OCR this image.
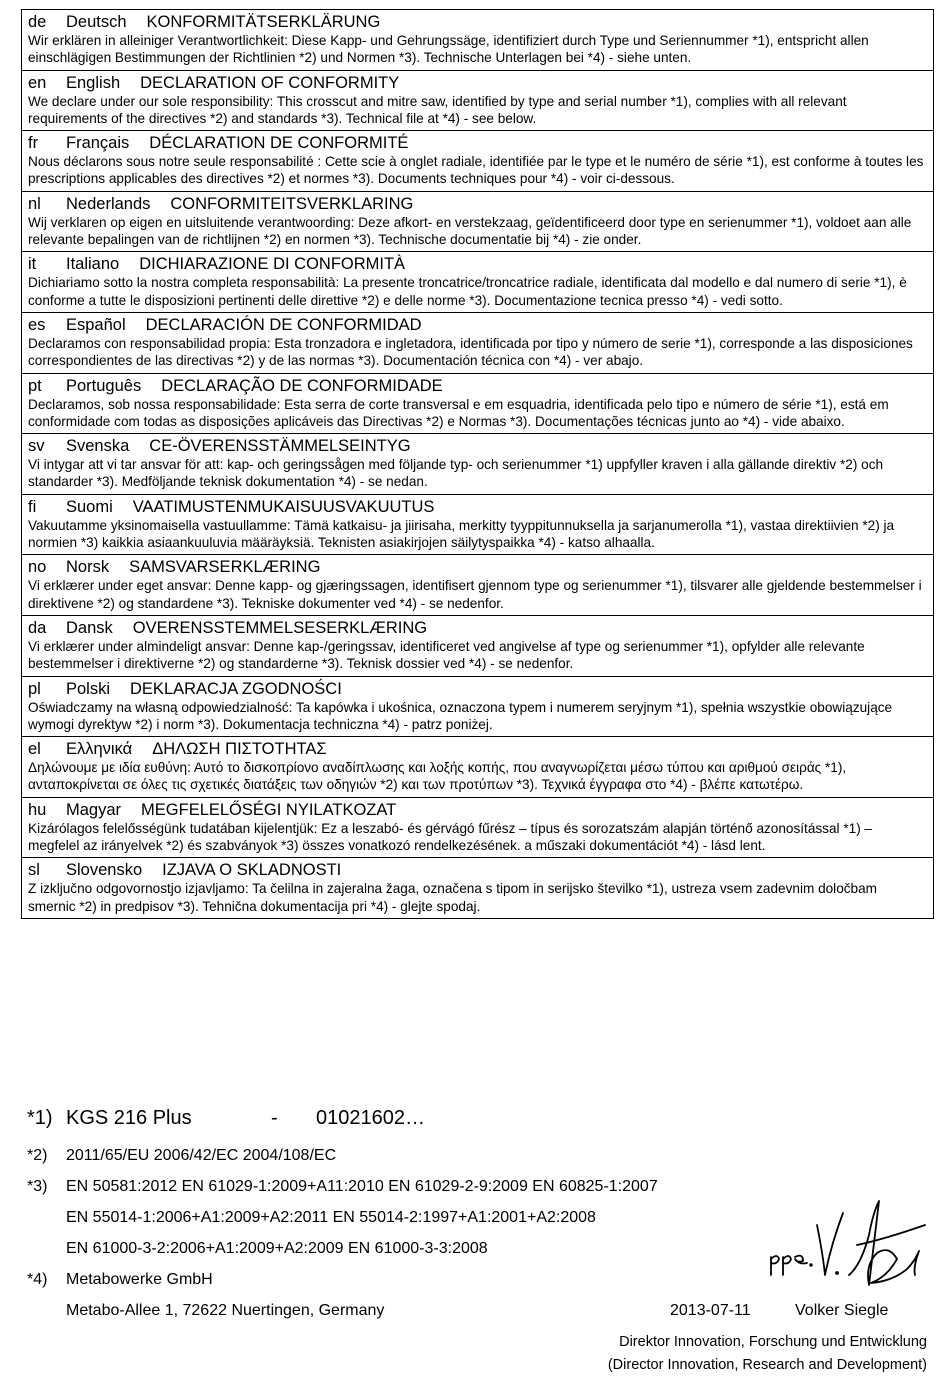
de Deutsch KONFORMITÄTSERKLÄRUNG
Wir erklären in alleiniger Verantwortlichkeit: Diese Kapp- und Gehrungssäge, identifiziert durch Type und Seriennummer *1), entspricht allen einschlägigen Bestimmungen der Richtlinien *2) und Normen *3). Technische Unterlagen bei *4) - siehe unten.
en English DECLARATION OF CONFORMITY
We declare under our sole responsibility: This crosscut and mitre saw, identified by type and serial number *1), complies with all relevant requirements of the directives *2) and standards *3). Technical file at *4) - see below.
fr Français DÉCLARATION DE CONFORMITÉ
Nous déclarons sous notre seule responsabilité : Cette scie à onglet radiale, identifiée par le type et le numéro de série *1), est conforme à toutes les prescriptions applicables des directives *2) et normes *3). Documents techniques pour *4) - voir ci-dessous.
nl Nederlands CONFORMITEITSVERKLARING
Wij verklaren op eigen en uitsluitende verantwoording: Deze afkort- en verstekzaag, geïdentificeerd door type en serienummer *1), voldoet aan alle relevante bepalingen van de richtlijnen *2) en normen *3). Technische documentatie bij *4) - zie onder.
it Italiano DICHIARAZIONE DI CONFORMITÀ
Dichiariamo sotto la nostra completa responsabilità: La presente troncatrice/troncatrice radiale, identificata dal modello e dal numero di serie *1), è conforme a tutte le disposizioni pertinenti delle direttive *2) e delle norme *3). Documentazione tecnica presso *4) - vedi sotto.
es Español DECLARACIÓN DE CONFORMIDAD
Declaramos con responsabilidad propia: Esta tronzadora e ingletadora, identificada por tipo y número de serie *1), corresponde a las disposiciones correspondientes de las directivas *2) y de las normas *3). Documentación técnica con *4) - ver abajo.
pt Português DECLARAÇÃO DE CONFORMIDADE
Declaramos, sob nossa responsabilidade: Esta serra de corte transversal e em esquadria, identificada pelo tipo e número de série *1), está em conformidade com todas as disposições aplicáveis das Directivas *2) e Normas *3). Documentações técnicas junto ao *4) - vide abaixo.
sv Svenska CE-ÖVERENSSTÄMMELSEINTYG
Vi intygar att vi tar ansvar för att: kap- och geringssågen med följande typ- och serienummer *1) uppfyller kraven i alla gällande direktiv *2) och standarder *3). Medföljande teknisk dokumentation *4) - se nedan.
fi Suomi VAATIMUSTENMUKAISUUSVAKUUTUS
Vakuutamme yksinomaisella vastuullamme: Tämä katkaisu- ja jiirisaha, merkitty tyyppitunnuksella ja sarjanumerolla *1), vastaa direktiivien *2) ja normien *3) kaikkia asiaankuuluvia määräyksiä. Teknisten asiakirjojen säilytyspaikka *4) - katso alhaalla.
no Norsk SAMSVARSERKLÆRING
Vi erklærer under eget ansvar: Denne kapp- og gjæringssagen, identifisert gjennom type og serienummer *1), tilsvarer alle gjeldende bestemmelser i direktivene *2) og standardene *3). Tekniske dokumenter ved *4) - se nedenfor.
da Dansk OVERENSSTEMMELSESERKLÆRING
Vi erklærer under almindeligt ansvar: Denne kap-/geringssav, identificeret ved angivelse af type og serienummer *1), opfylder alle relevante bestemmelser i direktiverne *2) og standarderne *3). Teknisk dossier ved *4) - se nedenfor.
pl Polski DEKLARACJA ZGODNOŚCI
Oświadczamy na własną odpowiedzialność: Ta kapówka i ukośnica, oznaczona typem i numerem seryjnym *1), spełnia wszystkie obowiązujące wymogi dyrektyw *2) i norm *3). Dokumentacja techniczna *4) - patrz poniżej.
el Ελληνικά ΔΗΛΩΣΗ ΠΙΣΤΟΤΗΤΑΣ
Δηλώνουμε με ιδία ευθύνη: Αυτό το δισκοπρίονο αναδίπλωσης και λοξής κοπής, που αναγνωρίζεται μέσω τύπου και αριθμού σειράς *1), ανταποκρίνεται σε όλες τις σχετικές διατάξεις των οδηγιών *2) και των προτύπων *3). Τεχνικά έγγραφα στο *4) - βλέπε κατωτέρω.
hu Magyar MEGFELELŐSÉGI NYILATKOZAT
Kizárólagos felelősségünk tudatában kijelentjük: Ez a leszabó- és gérvágó fűrész – típus és sorozatszám alapján történő azonosítással *1) – megfelel az irányelvek *2) és szabványok *3) összes vonatkozó rendelkezésének. a műszaki dokumentációt *4) - lásd lent.
sl Slovensko IZJAVA O SKLADNOSTI
Z izključno odgovornostjo izjavljamo: Ta čelilna in zajeralna žaga, označena s tipom in serijsko številko *1), ustreza vsem zadevnim določbam smernic *2) in predpisov *3). Tehnična dokumentacija pri *4) - glejte spodaj.
*1) KGS 216 Plus	- 01021602…
*2) 2011/65/EU 2006/42/EC 2004/108/EC
*3) EN 50581:2012 EN 61029-1:2009+A11:2010 EN 61029-2-9:2009 EN 60825-1:2007
EN 55014-1:2006+A1:2009+A2:2011 EN 55014-2:1997+A1:2001+A2:2008
EN 61000-3-2:2006+A1:2009+A2:2009 EN 61000-3-3:2008
*4) Metabowerke GmbH
Metabo-Allee 1, 72622 Nuertingen, Germany	2013-07-11	Volker Siegle
Direktor Innovation, Forschung und Entwicklung
(Director Innovation, Research and Development)
